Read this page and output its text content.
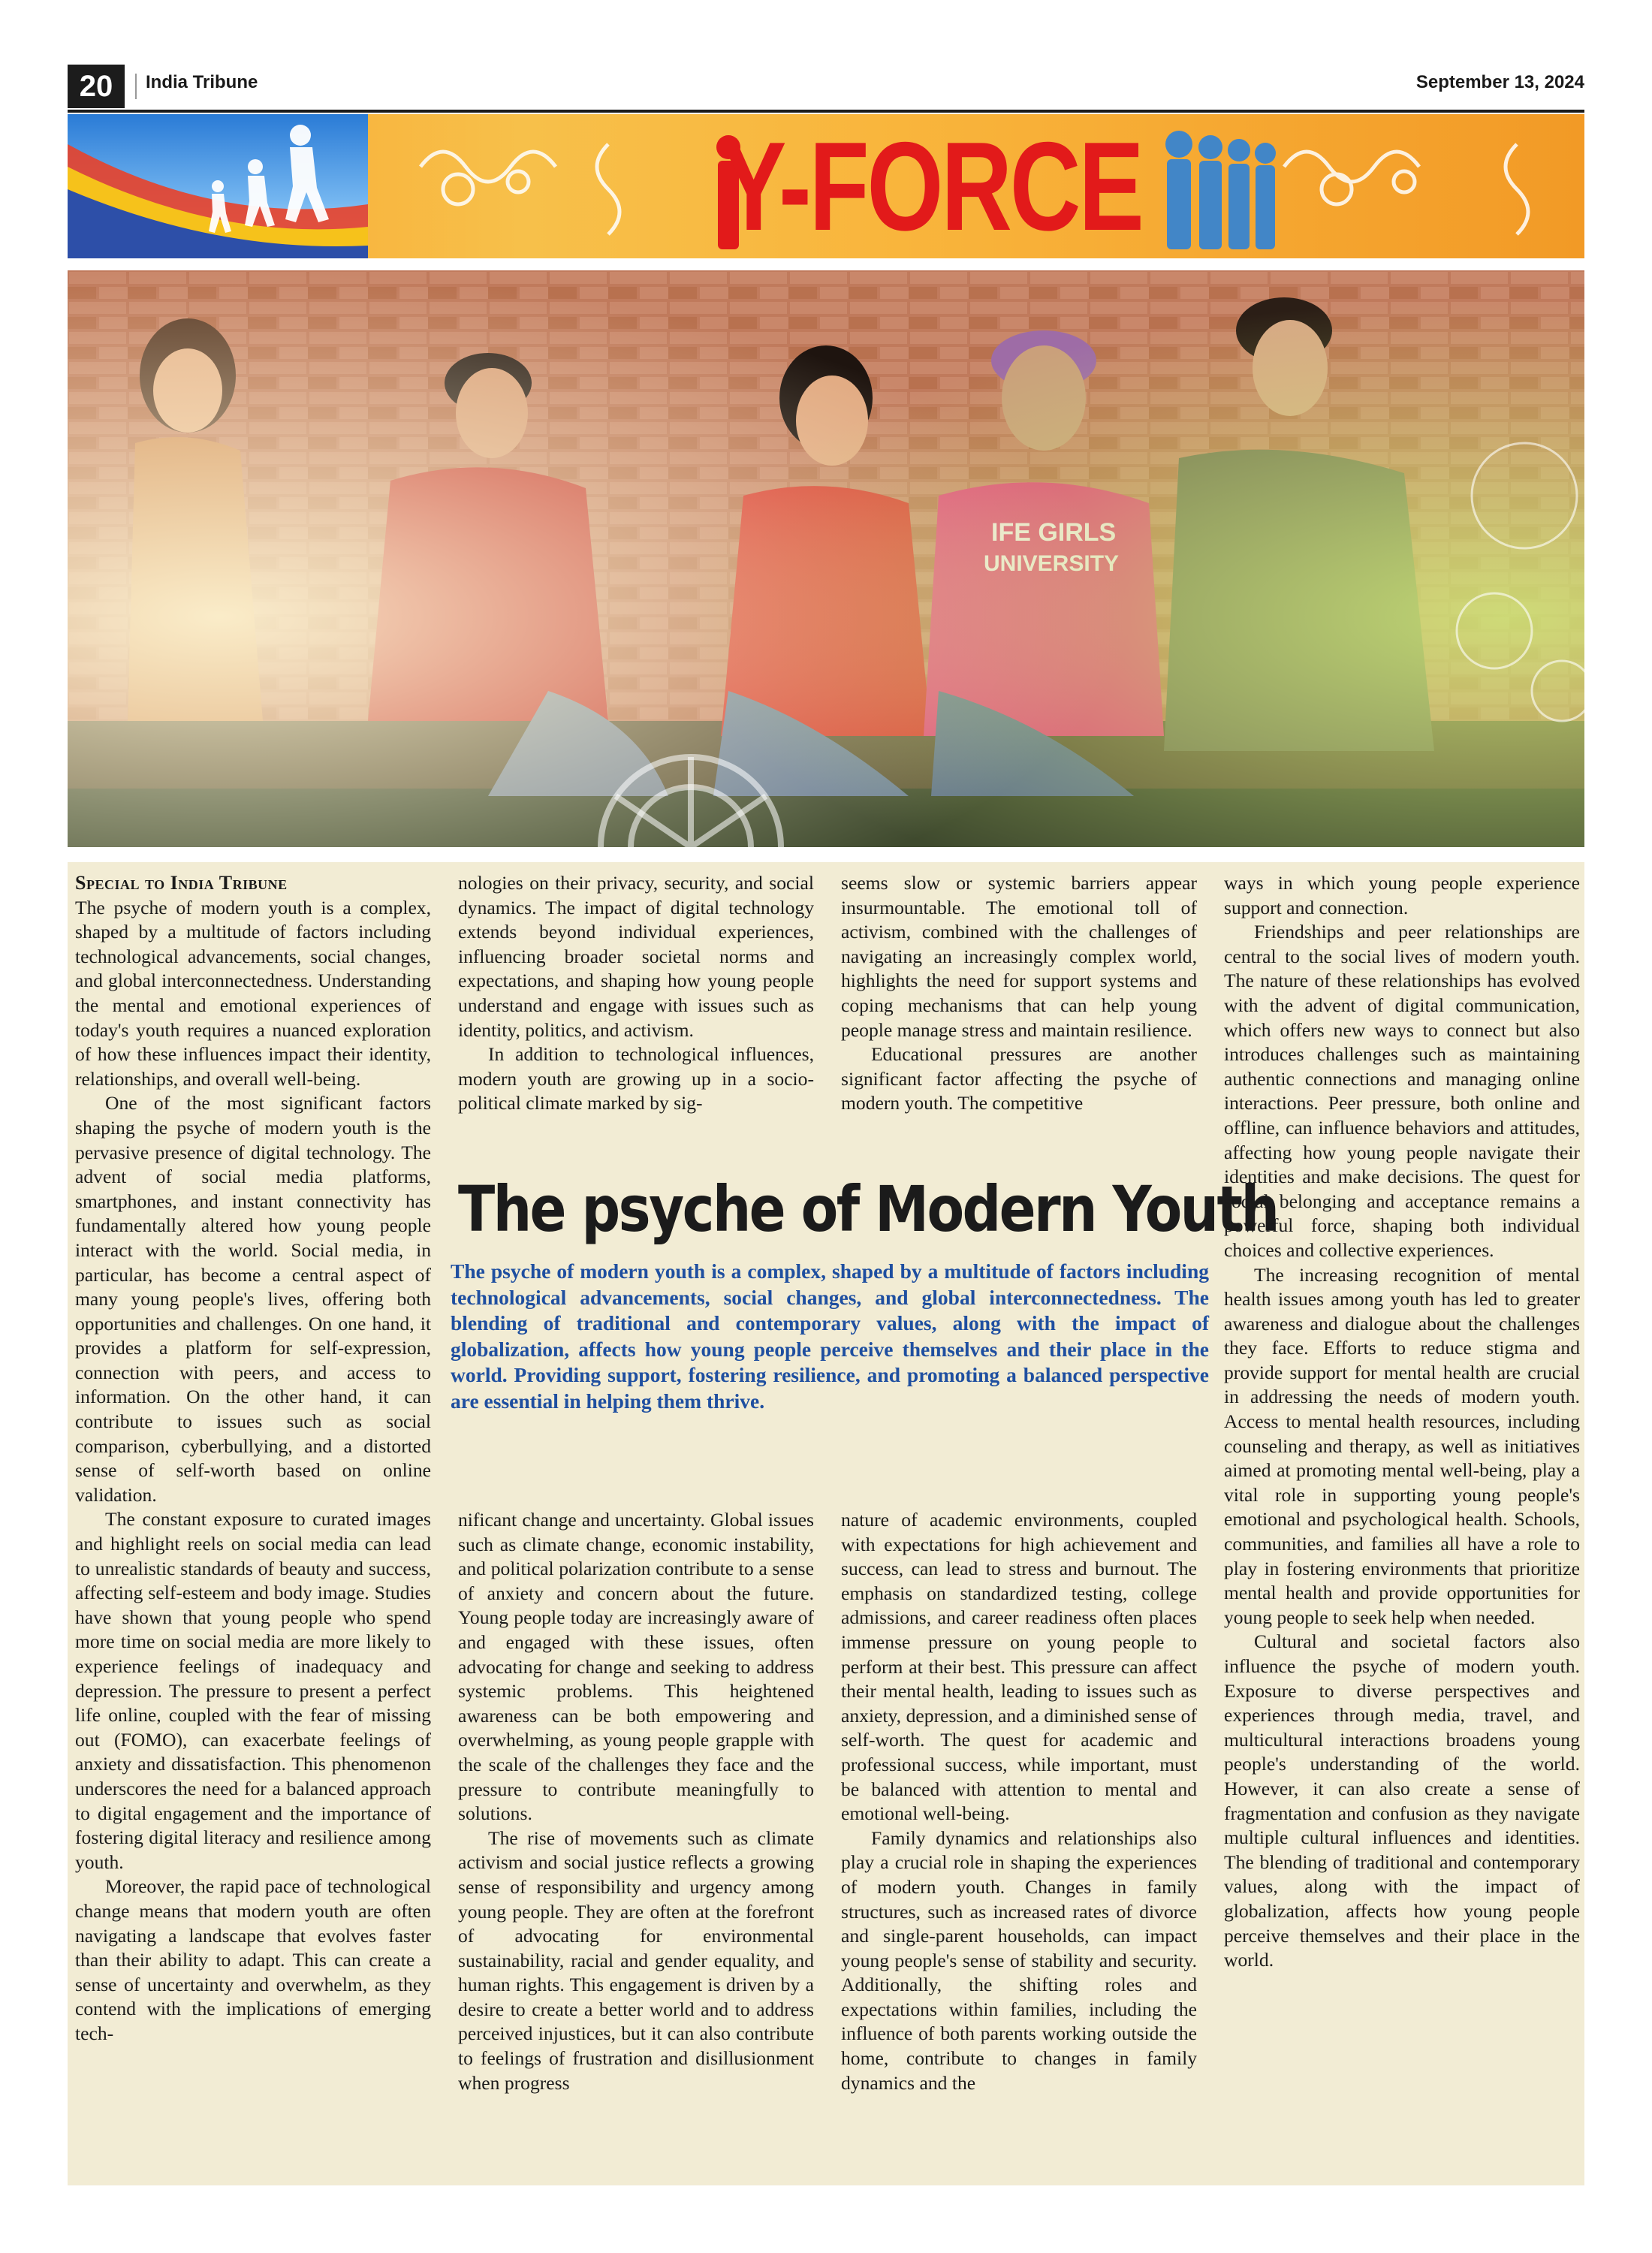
20	India Tribune	September 13, 2024
Y-FORCE

Special to India Tribune

The psyche of modern youth is a complex, shaped by a multitude of factors including technological advancements, social changes, and global interconnectedness. Understanding the mental and emotional experiences of today's youth requires a nuanced exploration of how these influences impact their identity, relationships, and overall well-being.

One of the most significant factors shaping the psyche of modern youth is the pervasive presence of digital technology. The advent of social media platforms, smartphones, and instant connectivity has fundamentally altered how young people interact with the world. Social media, in particular, has become a central aspect of many young people's lives, offering both opportunities and challenges. On one hand, it provides a platform for self-expression, connection with peers, and access to information. On the other hand, it can contribute to issues such as social comparison, cyberbullying, and a distorted sense of self-worth based on online validation.

The constant exposure to curated images and highlight reels on social media can lead to unrealistic standards of beauty and success, affecting self-esteem and body image. Studies have shown that young people who spend more time on social media are more likely to experience feelings of inadequacy and depression. The pressure to present a perfect life online, coupled with the fear of missing out (FOMO), can exacerbate feelings of anxiety and dissatisfaction. This phenomenon underscores the need for a balanced approach to digital engagement and the importance of fostering digital literacy and resilience among youth.

Moreover, the rapid pace of technological change means that modern youth are often navigating a landscape that evolves faster than their ability to adapt. This can create a sense of uncertainty and overwhelm, as they contend with the implications of emerging tech-

nologies on their privacy, security, and social dynamics. The impact of digital technology extends beyond individual experiences, influencing broader societal norms and expectations, and shaping how young people understand and engage with issues such as identity, politics, and activism.

In addition to technological influences, modern youth are growing up in a socio-political climate marked by sig-

seems slow or systemic barriers appear insurmountable. The emotional toll of activism, combined with the challenges of navigating an increasingly complex world, highlights the need for support systems and coping mechanisms that can help young people manage stress and maintain resilience.

Educational pressures are another significant factor affecting the psyche of modern youth. The competitive

The psyche of Modern Youth
The psyche of modern youth is a complex, shaped by a multitude of factors including technological advancements, social changes, and global interconnectedness. The blending of traditional and contemporary values, along with the impact of globalization, affects how young people perceive themselves and their place in the world. Providing support, fostering resilience, and promoting a balanced perspective are essential in helping them thrive.

nificant change and uncertainty. Global issues such as climate change, economic instability, and political polarization contribute to a sense of anxiety and concern about the future. Young people today are increasingly aware of and engaged with these issues, often advocating for change and seeking to address systemic problems. This heightened awareness can be both empowering and overwhelming, as young people grapple with the scale of the challenges they face and the pressure to contribute meaningfully to solutions.

The rise of movements such as climate activism and social justice reflects a growing sense of responsibility and urgency among young people. They are often at the forefront of advocating for environmental sustainability, racial and gender equality, and human rights. This engagement is driven by a desire to create a better world and to address perceived injustices, but it can also contribute to feelings of frustration and disillusionment when progress

nature of academic environments, coupled with expectations for high achievement and success, can lead to stress and burnout. The emphasis on standardized testing, college admissions, and career readiness often places immense pressure on young people to perform at their best. This pressure can affect their mental health, leading to issues such as anxiety, depression, and a diminished sense of self-worth. The quest for academic and professional success, while important, must be balanced with attention to mental and emotional well-being.

Family dynamics and relationships also play a crucial role in shaping the experiences of modern youth. Changes in family structures, such as increased rates of divorce and single-parent households, can impact young people's sense of stability and security. Additionally, the shifting roles and expectations within families, including the influence of both parents working outside the home, contribute to changes in family dynamics and the

ways in which young people experience support and connection.

Friendships and peer relationships are central to the social lives of modern youth. The nature of these relationships has evolved with the advent of digital communication, which offers new ways to connect but also introduces challenges such as maintaining authentic connections and managing online interactions. Peer pressure, both online and offline, can influence behaviors and attitudes, affecting how young people navigate their identities and make decisions. The quest for social belonging and acceptance remains a powerful force, shaping both individual choices and collective experiences.

The increasing recognition of mental health issues among youth has led to greater awareness and dialogue about the challenges they face. Efforts to reduce stigma and provide support for mental health are crucial in addressing the needs of modern youth. Access to mental health resources, including counseling and therapy, as well as initiatives aimed at promoting mental well-being, play a vital role in supporting young people's emotional and psychological health. Schools, communities, and families all have a role to play in fostering environments that prioritize mental health and provide opportunities for young people to seek help when needed.

Cultural and societal factors also influence the psyche of modern youth. Exposure to diverse perspectives and experiences through media, travel, and multicultural interactions broadens young people's understanding of the world. However, it can also create a sense of fragmentation and confusion as they navigate multiple cultural influences and identities. The blending of traditional and contemporary values, along with the impact of globalization, affects how young people perceive themselves and their place in the world.
